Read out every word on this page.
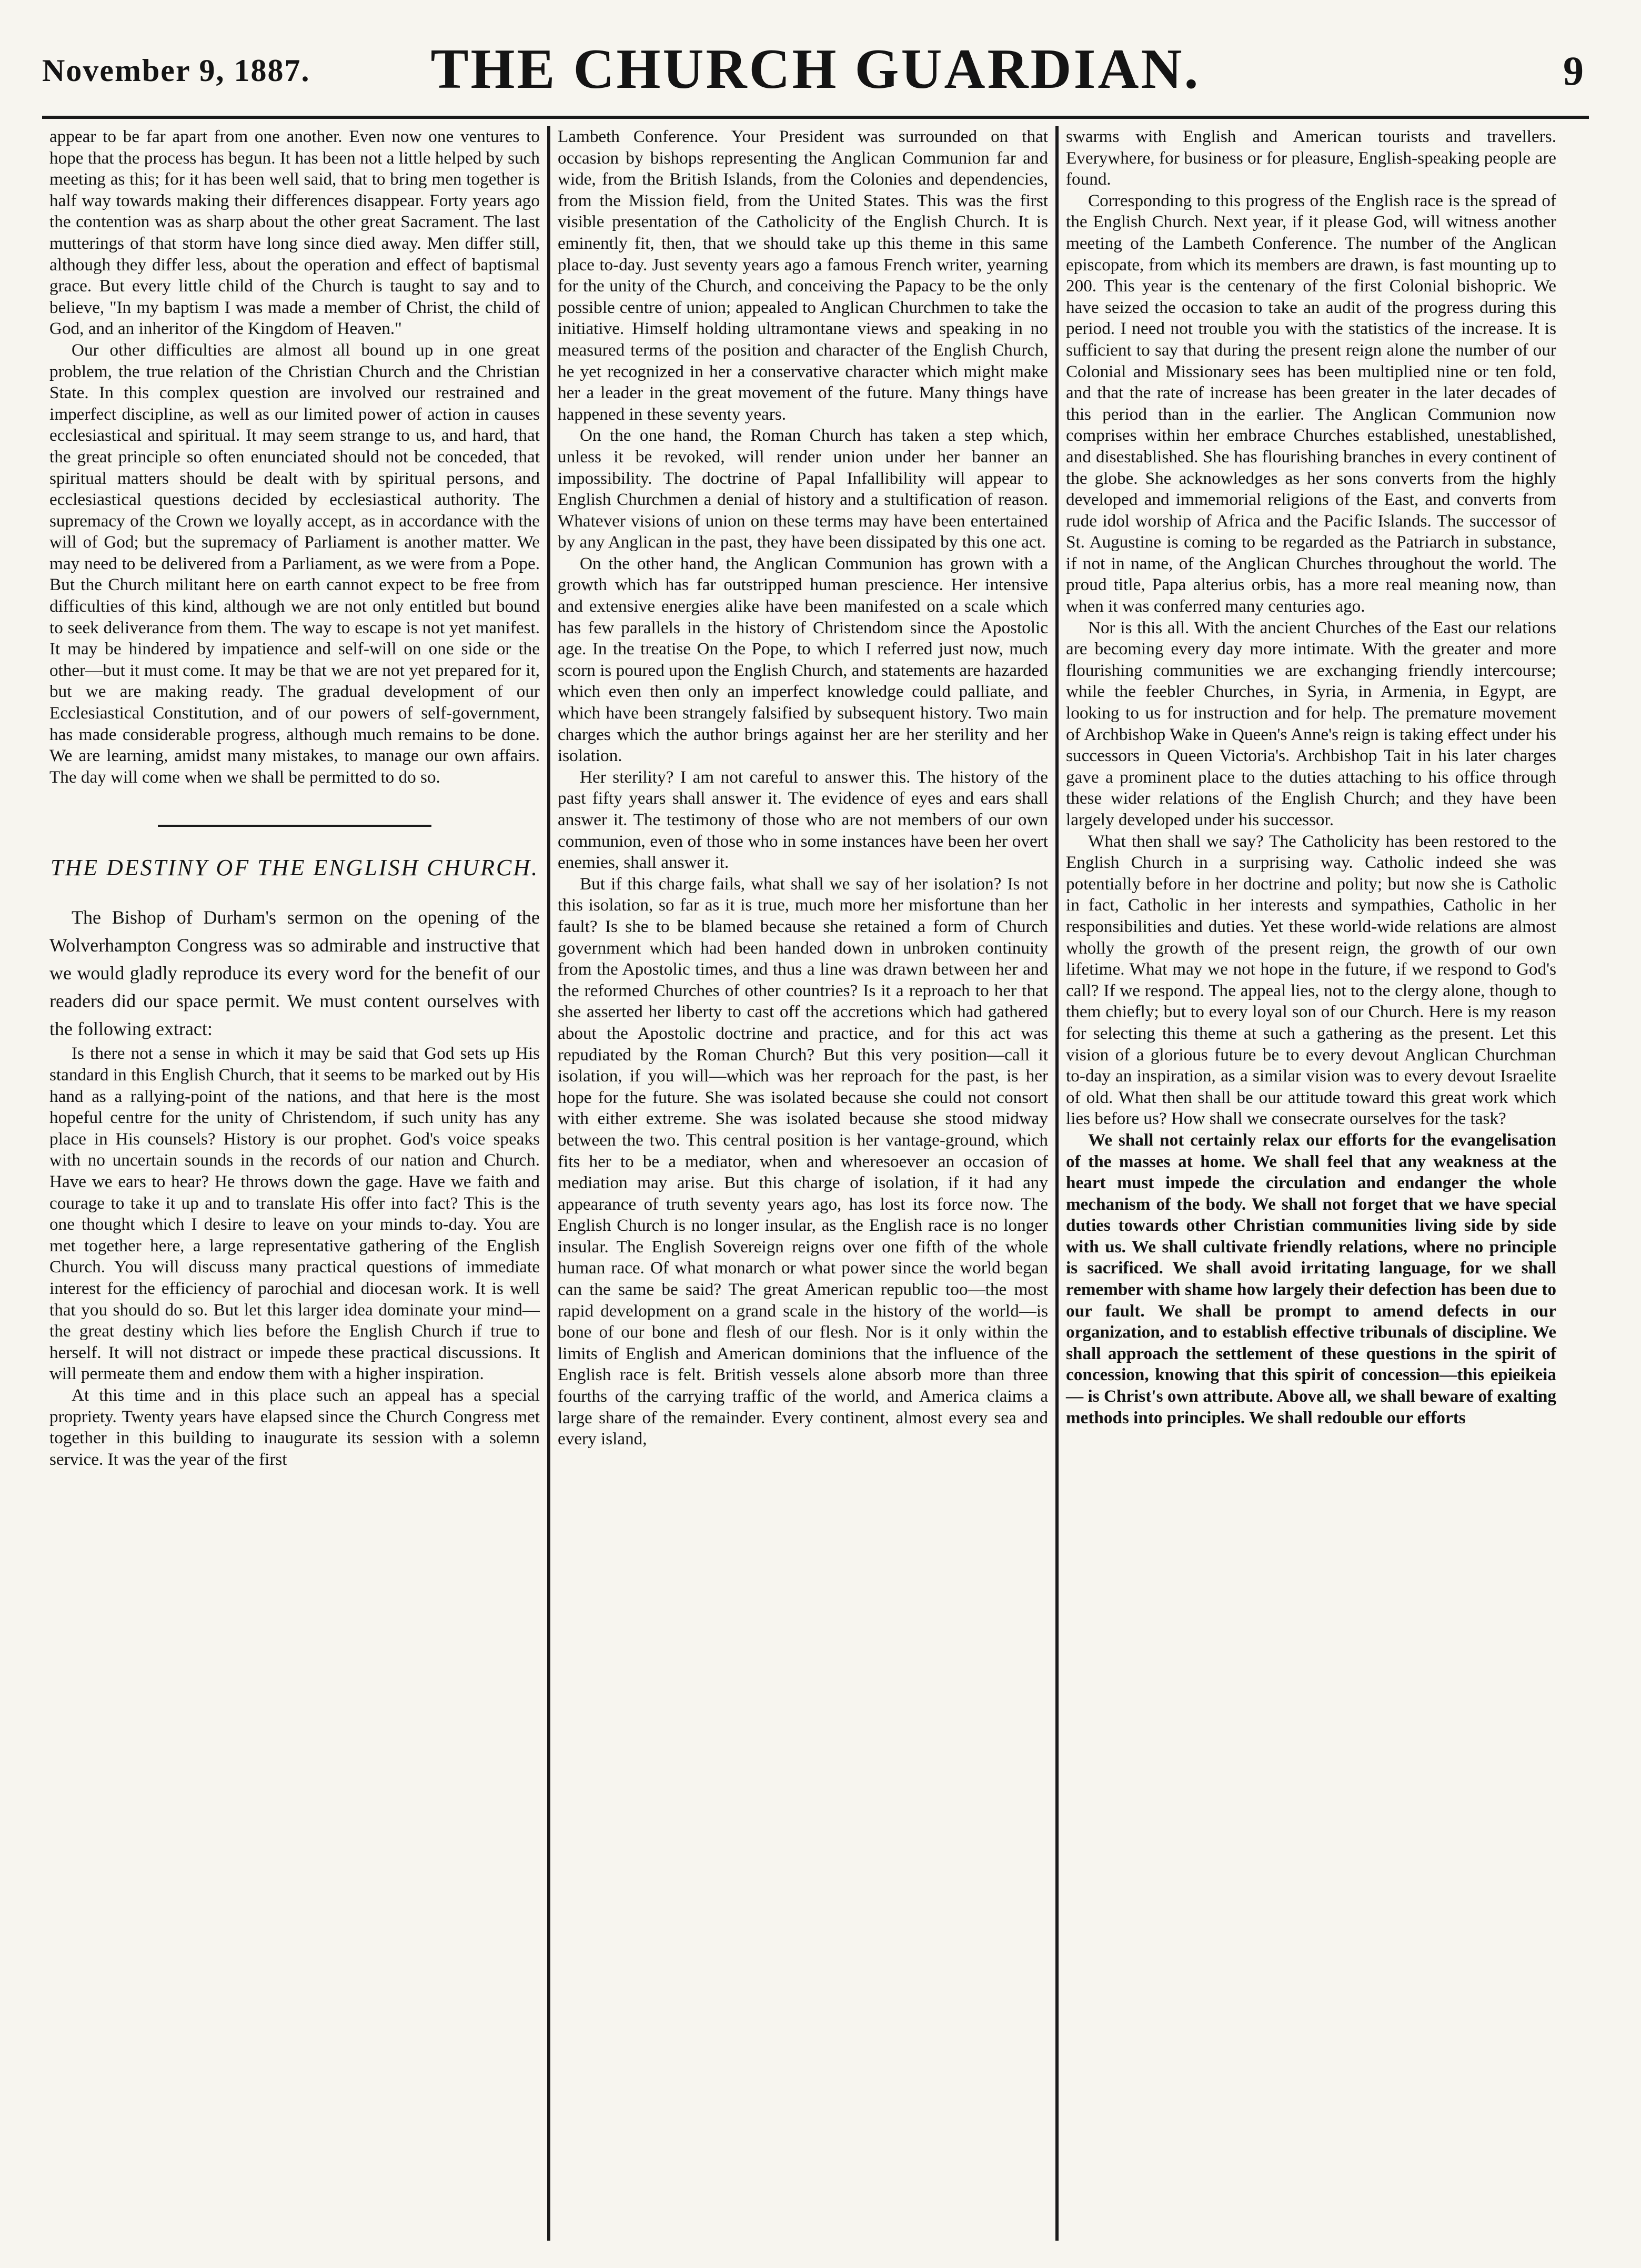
November 9, 1887.	THE CHURCH GUARDIAN.	9

appear to be far apart from one another. Even now one ventures to hope that the process has begun. It has been not a little helped by such meeting as this; for it has been well said, that to bring men together is half way towards making their differences disappear. Forty years ago the contention was as sharp about the other great Sacrament. The last mutterings of that storm have long since died away. Men differ still, although they differ less, about the operation and effect of baptismal grace. But every little child of the Church is taught to say and to believe, "In my baptism I was made a member of Christ, the child of God, and an inheritor of the Kingdom of Heaven."

Our other difficulties are almost all bound up in one great problem, the true relation of the Christian Church and the Christian State. In this complex question are involved our restrained and imperfect discipline, as well as our limited power of action in causes ecclesiastical and spiritual. It may seem strange to us, and hard, that the great principle so often enunciated should not be conceded, that spiritual matters should be dealt with by spiritual persons, and ecclesiastical questions decided by ecclesiastical authority. The supremacy of the Crown we loyally accept, as in accordance with the will of God; but the supremacy of Parliament is another matter. We may need to be delivered from a Parliament, as we were from a Pope. But the Church militant here on earth cannot expect to be free from difficulties of this kind, although we are not only entitled but bound to seek deliverance from them. The way to escape is not yet manifest. It may be hindered by impatience and self-will on one side or the other—but it must come. It may be that we are not yet prepared for it, but we are making ready. The gradual development of our Ecclesiastical Constitution, and of our powers of self-government, has made considerable progress, although much remains to be done. We are learning, amidst many mistakes, to manage our own affairs. The day will come when we shall be permitted to do so.

THE DESTINY OF THE ENGLISH CHURCH.

The Bishop of Durham's sermon on the opening of the Wolverhampton Congress was so admirable and instructive that we would gladly reproduce its every word for the benefit of our readers did our space permit. We must content ourselves with the following extract:

Is there not a sense in which it may be said that God sets up His standard in this English Church, that it seems to be marked out by His hand as a rallying-point of the nations, and that here is the most hopeful centre for the unity of Christendom, if such unity has any place in His counsels? History is our prophet. God's voice speaks with no uncertain sounds in the records of our nation and Church. Have we ears to hear? He throws down the gage. Have we faith and courage to take it up and to translate His offer into fact? This is the one thought which I desire to leave on your minds to-day. You are met together here, a large representative gathering of the English Church. You will discuss many practical questions of immediate interest for the efficiency of parochial and diocesan work. It is well that you should do so. But let this larger idea dominate your mind—the great destiny which lies before the English Church if true to herself. It will not distract or impede these practical discussions. It will permeate them and endow them with a higher inspiration.

At this time and in this place such an appeal has a special propriety. Twenty years have elapsed since the Church Congress met together in this building to inaugurate its session with a solemn service. It was the year of the first

Lambeth Conference. Your President was surrounded on that occasion by bishops representing the Anglican Communion far and wide, from the British Islands, from the Colonies and dependencies, from the Mission field, from the United States. This was the first visible presentation of the Catholicity of the English Church. It is eminently fit, then, that we should take up this theme in this same place to-day. Just seventy years ago a famous French writer, yearning for the unity of the Church, and conceiving the Papacy to be the only possible centre of union; appealed to Anglican Churchmen to take the initiative. Himself holding ultramontane views and speaking in no measured terms of the position and character of the English Church, he yet recognized in her a conservative character which might make her a leader in the great movement of the future. Many things have happened in these seventy years.

On the one hand, the Roman Church has taken a step which, unless it be revoked, will render union under her banner an impossibility. The doctrine of Papal Infallibility will appear to English Churchmen a denial of history and a stultification of reason. Whatever visions of union on these terms may have been entertained by any Anglican in the past, they have been dissipated by this one act.

On the other hand, the Anglican Communion has grown with a growth which has far outstripped human prescience. Her intensive and extensive energies alike have been manifested on a scale which has few parallels in the history of Christendom since the Apostolic age. In the treatise On the Pope, to which I referred just now, much scorn is poured upon the English Church, and statements are hazarded which even then only an imperfect knowledge could palliate, and which have been strangely falsified by subsequent history. Two main charges which the author brings against her are her sterility and her isolation.

Her sterility? I am not careful to answer this. The history of the past fifty years shall answer it. The evidence of eyes and ears shall answer it. The testimony of those who are not members of our own communion, even of those who in some instances have been her overt enemies, shall answer it.

But if this charge fails, what shall we say of her isolation? Is not this isolation, so far as it is true, much more her misfortune than her fault? Is she to be blamed because she retained a form of Church government which had been handed down in unbroken continuity from the Apostolic times, and thus a line was drawn between her and the reformed Churches of other countries? Is it a reproach to her that she asserted her liberty to cast off the accretions which had gathered about the Apostolic doctrine and practice, and for this act was repudiated by the Roman Church? But this very position—call it isolation, if you will—which was her reproach for the past, is her hope for the future. She was isolated because she could not consort with either extreme. She was isolated because she stood midway between the two. This central position is her vantage-ground, which fits her to be a mediator, when and wheresoever an occasion of mediation may arise. But this charge of isolation, if it had any appearance of truth seventy years ago, has lost its force now. The English Church is no longer insular, as the English race is no longer insular. The English Sovereign reigns over one fifth of the whole human race. Of what monarch or what power since the world began can the same be said? The great American republic too—the most rapid development on a grand scale in the history of the world—is bone of our bone and flesh of our flesh. Nor is it only within the limits of English and American dominions that the influence of the English race is felt. British vessels alone absorb more than three fourths of the carrying traffic of the world, and America claims a large share of the remainder. Every continent, almost every sea and every island,

swarms with English and American tourists and travellers. Everywhere, for business or for pleasure, English-speaking people are found.

Corresponding to this progress of the English race is the spread of the English Church. Next year, if it please God, will witness another meeting of the Lambeth Conference. The number of the Anglican episcopate, from which its members are drawn, is fast mounting up to 200. This year is the centenary of the first Colonial bishopric. We have seized the occasion to take an audit of the progress during this period. I need not trouble you with the statistics of the increase. It is sufficient to say that during the present reign alone the number of our Colonial and Missionary sees has been multiplied nine or ten fold, and that the rate of increase has been greater in the later decades of this period than in the earlier. The Anglican Communion now comprises within her embrace Churches established, unestablished, and disestablished. She has flourishing branches in every continent of the globe. She acknowledges as her sons converts from the highly developed and immemorial religions of the East, and converts from rude idol worship of Africa and the Pacific Islands. The successor of St. Augustine is coming to be regarded as the Patriarch in substance, if not in name, of the Anglican Churches throughout the world. The proud title, Papa alterius orbis, has a more real meaning now, than when it was conferred many centuries ago.

Nor is this all. With the ancient Churches of the East our relations are becoming every day more intimate. With the greater and more flourishing communities we are exchanging friendly intercourse; while the feebler Churches, in Syria, in Armenia, in Egypt, are looking to us for instruction and for help. The premature movement of Archbishop Wake in Queen's Anne's reign is taking effect under his successors in Queen Victoria's. Archbishop Tait in his later charges gave a prominent place to the duties attaching to his office through these wider relations of the English Church; and they have been largely developed under his successor.

What then shall we say? The Catholicity has been restored to the English Church in a surprising way. Catholic indeed she was potentially before in her doctrine and polity; but now she is Catholic in fact, Catholic in her interests and sympathies, Catholic in her responsibilities and duties. Yet these world-wide relations are almost wholly the growth of the present reign, the growth of our own lifetime. What may we not hope in the future, if we respond to God's call? If we respond. The appeal lies, not to the clergy alone, though to them chiefly; but to every loyal son of our Church. Here is my reason for selecting this theme at such a gathering as the present. Let this vision of a glorious future be to every devout Anglican Churchman to-day an inspiration, as a similar vision was to every devout Israelite of old. What then shall be our attitude toward this great work which lies before us? How shall we consecrate ourselves for the task?

We shall not certainly relax our efforts for the evangelisation of the masses at home. We shall feel that any weakness at the heart must impede the circulation and endanger the whole mechanism of the body. We shall not forget that we have special duties towards other Christian communities living side by side with us. We shall cultivate friendly relations, where no principle is sacrificed. We shall avoid irritating language, for we shall remember with shame how largely their defection has been due to our fault. We shall be prompt to amend defects in our organization, and to establish effective tribunals of discipline. We shall approach the settlement of these questions in the spirit of concession, knowing that this spirit of concession—this epieikeia— is Christ's own attribute. Above all, we shall beware of exalting methods into principles. We shall redouble our efforts
